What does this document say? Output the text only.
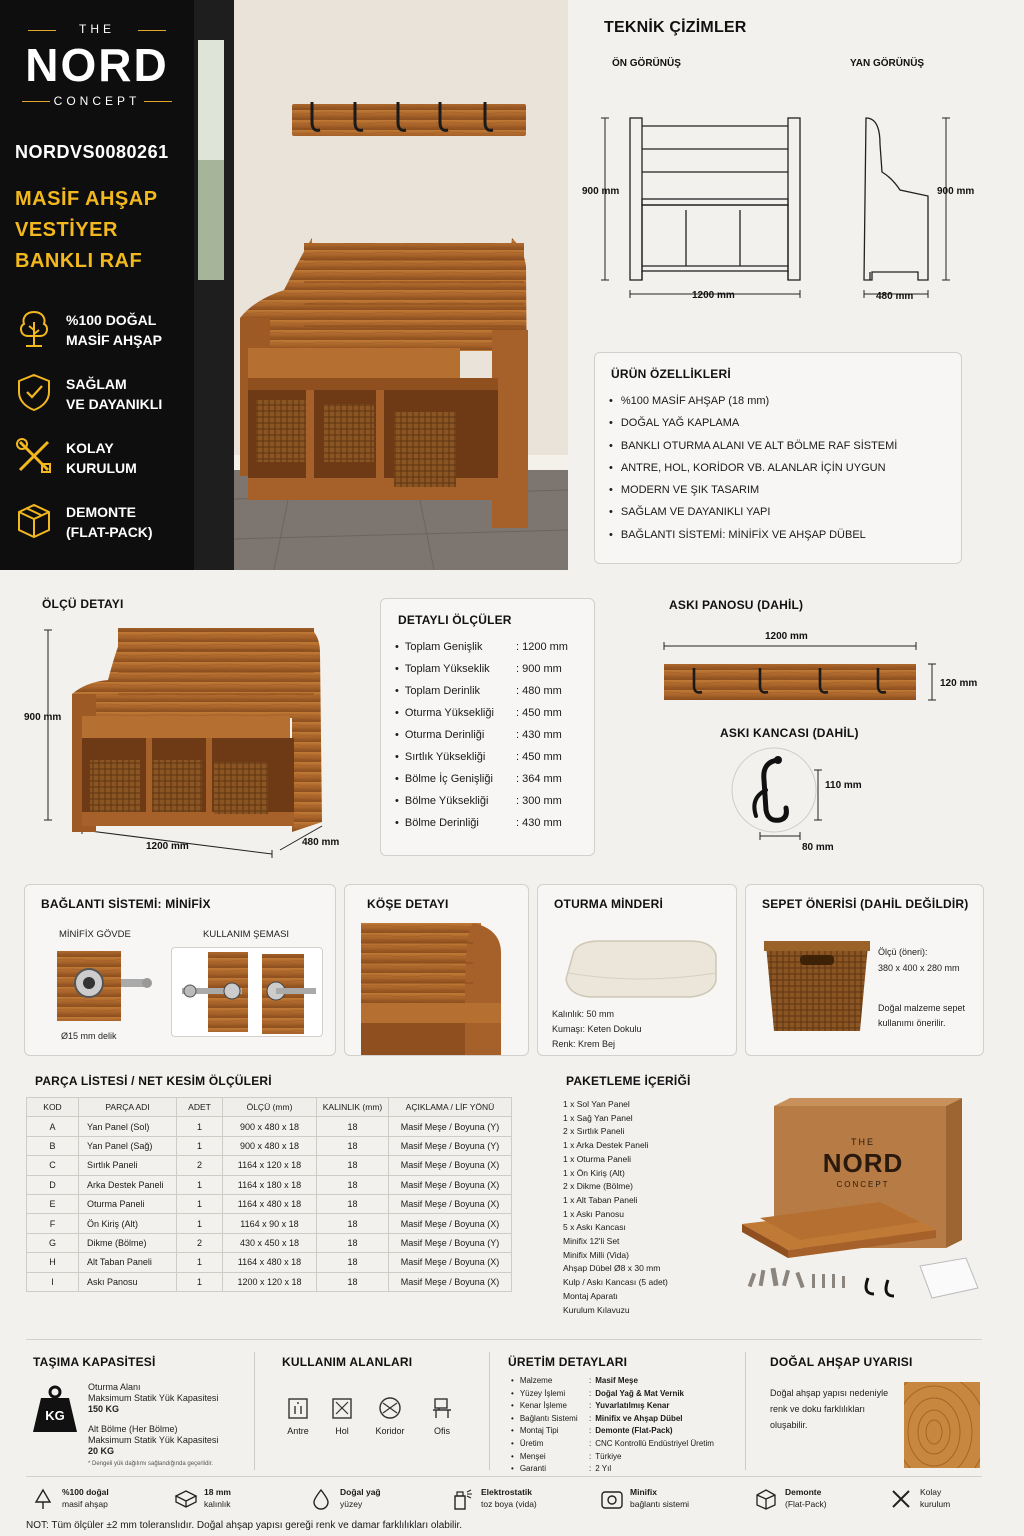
THE
NORD
CONCEPT
NORDVS0080261
MASİF AHŞAP
VESTİYER
BANKLI RAF
%100 DOĞAL
MASİF AHŞAP
SAĞLAM
VE DAYANIKLI
KOLAY
KURULUM
DEMONTE
(FLAT-PACK)
TEKNİK ÇİZİMLER
ÖN GÖRÜNÜŞ	YAN GÖRÜNÜŞ
900 mm
1200 mm
900 mm
480 mm
ÜRÜN ÖZELLİKLERİ
• %100 MASİF AHŞAP (18 mm)
• DOĞAL YAĞ KAPLAMA
• BANKLI OTURMA ALANI VE ALT BÖLME RAF SİSTEMİ
• ANTRE, HOL, KORİDOR VB. ALANLAR İÇİN UYGUN
• MODERN VE ŞIK TASARIM
• SAĞLAM VE DAYANIKLI YAPI
• BAĞLANTI SİSTEMİ: MİNİFİX VE AHŞAP DÜBEL
ÖLÇÜ DETAYI
900 mm
1200 mm	480 mm
DETAYLI ÖLÇÜLER
• Toplam Genişlik	: 1200 mm
• Toplam Yükseklik : 900 mm
• Toplam Derinlik	: 480 mm
• Oturma Yüksekliği : 450 mm
• Oturma Derinliği	: 430 mm
• Sırtlık Yüksekliği	: 450 mm
• Bölme İç Genişliği : 364 mm
• Bölme Yüksekliği	: 300 mm
• Bölme Derinliği	: 430 mm
ASKI PANOSU (DAHİL)
1200 mm
120 mm
ASKI KANCASI (DAHİL)
110 mm
80 mm
BAĞLANTI SİSTEMİ: MİNİFİX
MİNİFİX GÖVDE	KULLANIM ŞEMASI
Ø15 mm delik
KÖŞE DETAYI	OTURMA MİNDERİ
Kalınlık: 50 mm
Kumaşı: Keten Dokulu
Renk: Krem Bej
SEPET ÖNERİSİ (DAHİL DEĞİLDİR)
Ölçü (öneri):
380 x 400 x 280 mm
Doğal malzeme sepet
kullanımı önerilir.
PARÇA LİSTESİ / NET KESİM ÖLÇÜLERİ
KOD	PARÇA ADI	ADET	ÖLÇÜ (mm)	KALINLIK (mm)	AÇIKLAMA / LİF YÖNÜ
A	Yan Panel (Sol)	1	900 x 480 x 18	18	Masif Meşe / Boyuna (Y)
B	Yan Panel (Sağ)	1	900 x 480 x 18	18	Masif Meşe / Boyuna (Y)
C	Sırtlık Paneli	2	1164 x 120 x 18	18	Masif Meşe / Boyuna (X)
D	Arka Destek Paneli	1	1164 x 180 x 18	18	Masif Meşe / Boyuna (X)
E	Oturma Paneli	1	1164 x 480 x 18	18	Masif Meşe / Boyuna (X)
F	Ön Kiriş (Alt)	1	1164 x 90 x 18	18	Masif Meşe / Boyuna (X)
G	Dikme (Bölme)	2	430 x 450 x 18	18	Masif Meşe / Boyuna (Y)
H	Alt Taban Paneli	1	1164 x 480 x 18	18	Masif Meşe / Boyuna (X)
I	Askı Panosu	1	1200 x 120 x 18	18	Masif Meşe / Boyuna (X)
PAKETLEME İÇERİĞİ
1 x Sol Yan Panel
1 x Sağ Yan Panel
2 x Sırtlık Paneli
1 x Arka Destek Paneli
1 x Oturma Paneli
1 x Ön Kiriş (Alt)
2 x Dikme (Bölme)
1 x Alt Taban Paneli
1 x Askı Panosu
5 x Askı Kancası
Minifix 12'li Set
Minifix Milli (Vida)
Ahşap Dübel Ø8 x 30 mm
Kulp / Askı Kancası (5 adet)
Montaj Aparatı
Kurulum Kılavuzu
THE
NORD
CONCEPT
TAŞIMA KAPASİTESİ
KG
Oturma Alanı
Maksimum Statik Yük Kapasitesi
150 KG
Alt Bölme (Her Bölme)
Maksimum Statik Yük Kapasitesi
20 KG
* Dengeli yük dağılımı sağlandığında geçerlidir.
KULLANIM ALANLARI
Antre	Hol	Koridor	Ofis
ÜRETİM DETAYLARI
• Malzeme	: Masif Meşe
• Yüzey İşlemi	: Doğal Yağ & Mat Vernik
• Kenar İşleme	: Yuvarlatılmış Kenar
• Bağlantı Sistemi	: Minifix ve Ahşap Dübel
• Montaj Tipi	: Demonte (Flat-Pack)
• Üretim	: CNC Kontrollü Endüstriyel Üretim
• Menşei	: Türkiye
• Garanti	: 2 Yıl
DOĞAL AHŞAP UYARISI
Doğal ahşap yapısı nedeniyle
renk ve doku farklılıkları
oluşabilir.
%100 doğal
masif ahşap
18 mm
kalınlık
Doğal yağ
yüzey
Elektrostatik
toz boya (vida)
Minifix
bağlantı sistemi
Demonte
(Flat-Pack)
Kolay
kurulum
NOT: Tüm ölçüler ±2 mm toleranslıdır. Doğal ahşap yapısı gereği renk ve damar farklılıkları olabilir.
